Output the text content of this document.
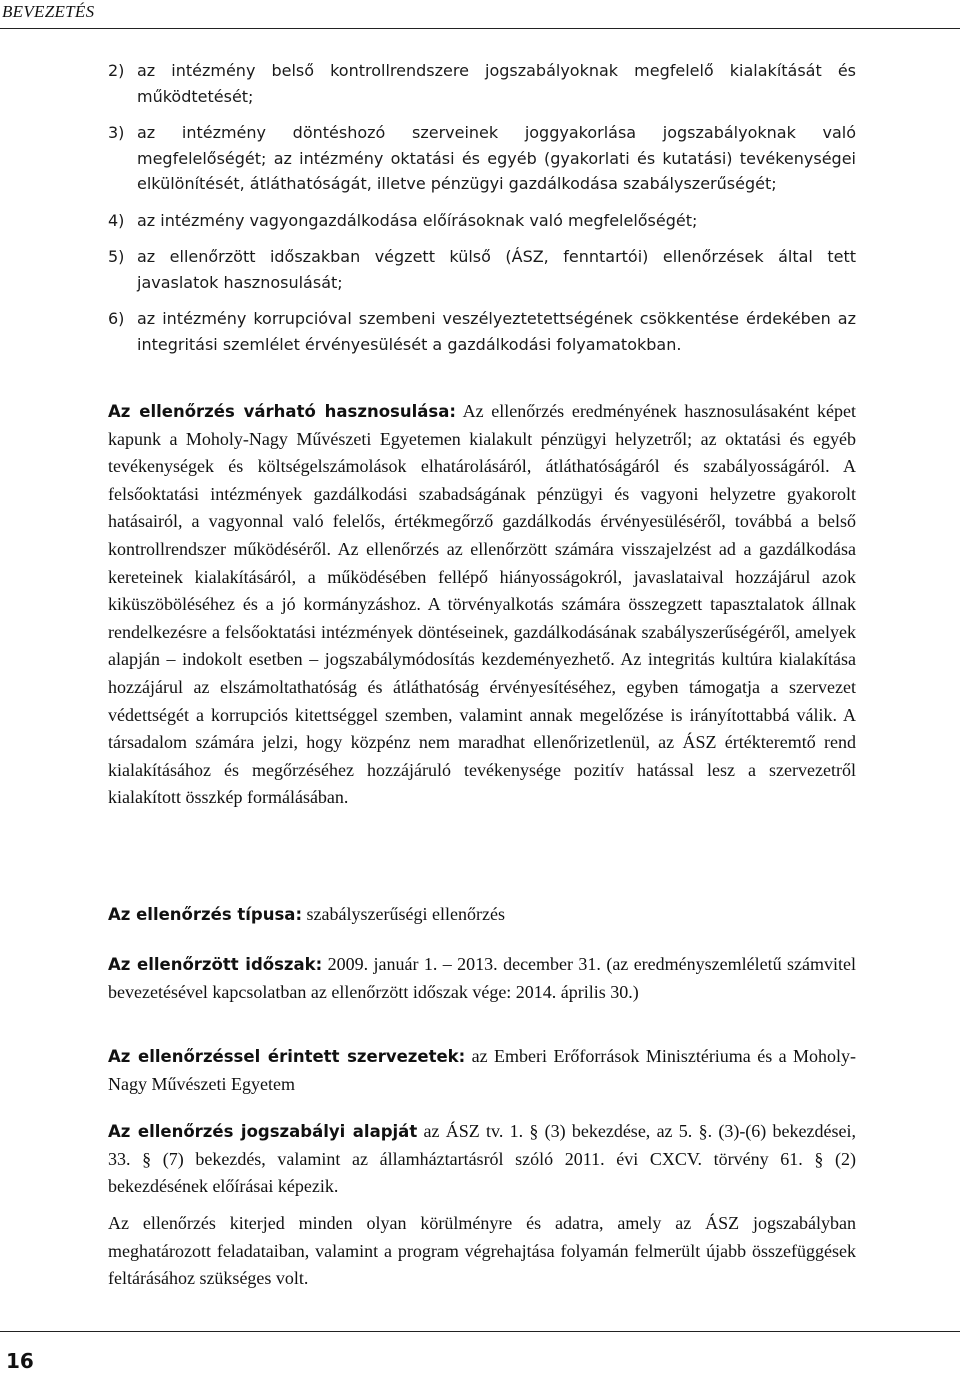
BEVEZETÉS
2) az intézmény belső kontrollrendszere jogszabályoknak megfelelő kialakítását és működtetését;
3) az intézmény döntéshozó szerveinek joggyakorlása jogszabályoknak való megfelelőségét; az intézmény oktatási és egyéb (gyakorlati és kutatási) tevékenységei elkülönítését, átláthatóságát, illetve pénzügyi gazdálkodása szabályszerűségét;
4) az intézmény vagyongazdálkodása előírásoknak való megfelelőségét;
5) az ellenőrzött időszakban végzett külső (ÁSZ, fenntartói) ellenőrzések által tett javaslatok hasznosulását;
6) az intézmény korrupcióval szembeni veszélyeztetettségének csökkentése érdekében az integritási szemlélet érvényesülését a gazdálkodási folyamatokban.

Az ellenőrzés várható hasznosulása: Az ellenőrzés eredményének hasznosulásaként képet kapunk a Moholy-Nagy Művészeti Egyetemen kialakult pénzügyi helyzetről; az oktatási és egyéb tevékenységek és költségelszámolások elhatárolásáról, átláthatóságáról és szabályosságáról. A felsőoktatási intézmények gazdálkodási szabadságának pénzügyi és vagyoni helyzetre gyakorolt hatásairól, a vagyonnal való felelős, értékmegőrző gazdálkodás érvényesüléséről, továbbá a belső kontrollrendszer működéséről. Az ellenőrzés az ellenőrzött számára visszajelzést ad a gazdálkodása kereteinek kialakításáról, a működésében fellépő hiányosságokról, javaslataival hozzájárul azok kiküszöböléséhez és a jó kormányzáshoz. A törvényalkotás számára összegzett tapasztalatok állnak rendelkezésre a felsőoktatási intézmények döntéseinek, gazdálkodásának szabályszerűségéről, amelyek alapján – indokolt esetben – jogszabálymódosítás kezdeményezhető. Az integritás kultúra kialakítása hozzájárul az elszámoltathatóság és átláthatóság érvényesítéséhez, egyben támogatja a szervezet védettségét a korrupciós kitettséggel szemben, valamint annak megelőzése is irányítottabbá válik. A társadalom számára jelzi, hogy közpénz nem maradhat ellenőrizetlenül, az ÁSZ értékteremtő rend kialakításához és megőrzéséhez hozzájáruló tevékenysége pozitív hatással lesz a szervezetről kialakított összkép formálásában.

Az ellenőrzés típusa: szabályszerűségi ellenőrzés

Az ellenőrzött időszak: 2009. január 1. – 2013. december 31. (az eredményszemléletű számvitel bevezetésével kapcsolatban az ellenőrzött időszak vége: 2014. április 30.)

Az ellenőrzéssel érintett szervezetek: az Emberi Erőforrások Minisztériuma és a Moholy-Nagy Művészeti Egyetem

Az ellenőrzés jogszabályi alapját az ÁSZ tv. 1. § (3) bekezdése, az 5. §. (3)-(6) bekezdései, 33. § (7) bekezdés, valamint az államháztartásról szóló 2011. évi CXCV. törvény 61. § (2) bekezdésének előírásai képezik.

Az ellenőrzés kiterjed minden olyan körülményre és adatra, amely az ÁSZ jogszabályban meghatározott feladataiban, valamint a program végrehajtása folyamán felmerült újabb összefüggések feltárásához szükséges volt.

16
